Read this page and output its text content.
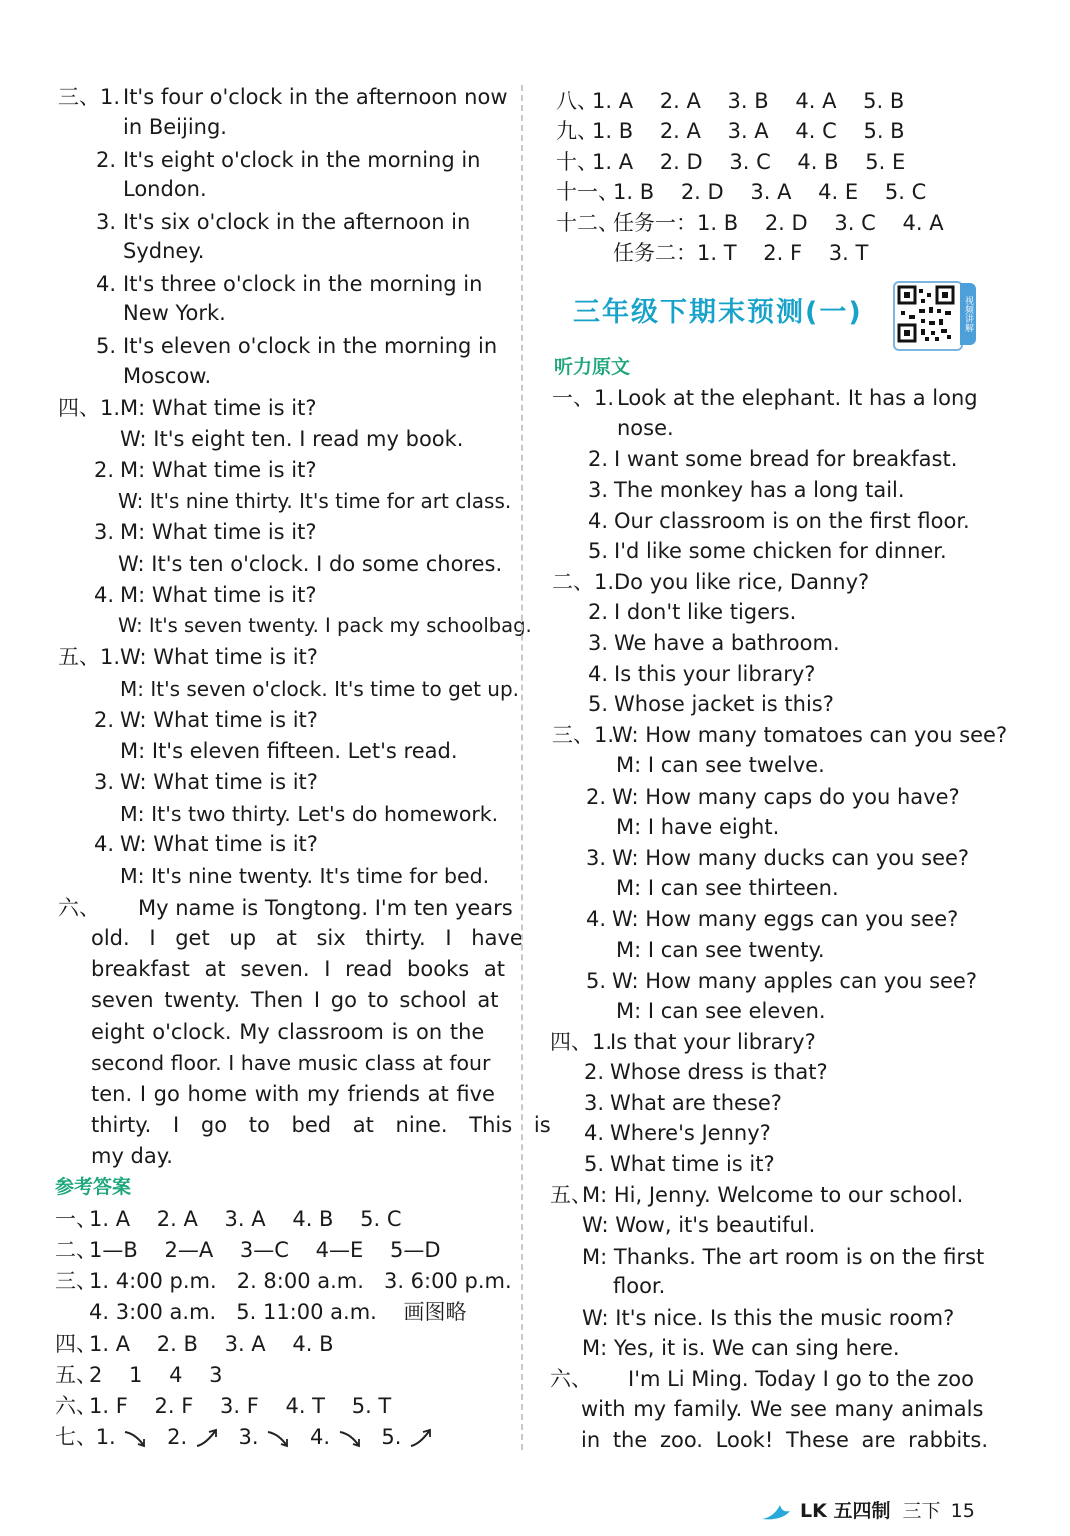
三、1. It's four o'clock in the afternoon now
in Beijing.
2. It's eight o'clock in the morning in
London.
3. It's six o'clock in the afternoon in
Sydney.
4. It's three o'clock in the morning in
New York.
5. It's eleven o'clock in the morning in
Moscow.
四、1.M: What time is it?
W: It's eight ten. I read my book.
2. M: What time is it?
W: It's nine thirty. It's time for art class.
3. M: What time is it?
W: It's ten o'clock. I do some chores.
4. M: What time is it?
W: It's seven twenty. I pack my schoolbag.
五、1.W: What time is it?
M: It's seven o'clock. It's time to get up.
2. W: What time is it?
M: It's eleven fifteen. Let's read.
3. W: What time is it?
M: It's two thirty. Let's do homework.
4. W: What time is it?
M: It's nine twenty. It's time for bed.
六、 My name is Tongtong. I'm ten years
old. I get up at six thirty. I have
breakfast at seven. I read books at
seven twenty. Then I go to school at
eight o'clock. My classroom is on the
second floor. I have music class at four
ten. I go home with my friends at five
thirty. I go to bed at nine. This is
my day.
参考答案
一、1. A    2. A    3. A    4. B    5. C
二、1—B    2—A    3—C    4—E    5—D
三、1. 4:00 p.m.   2. 8:00 a.m.   3. 6:00 p.m.
4. 3:00 a.m.   5. 11:00 a.m.    画图略
四、1. A    2. B    3. A    4. B
五、2    1    4    3
六、1. F    2. F    3. F    4. T    5. T
七、 1. 2. 3. 4. 5.
八、1. A    2. A    3. B    4. A    5. B
九、1. B    2. A    3. A    4. C    5. B
十、1. A    2. D    3. C    4. B    5. E
十一、1. B    2. D    3. A    4. E    5. C
十二、任务一：1. B    2. D    3. C    4. A
任务二：1. T    2. F    3. T
三年级下期末预测(一)	视频讲解
听力原文
一、1. Look at the elephant. It has a long
nose.
2. I want some bread for breakfast.
3. The monkey has a long tail.
4. Our classroom is on the first floor.
5. I'd like some chicken for dinner.
二、1.Do you like rice, Danny?
2. I don't like tigers.
3. We have a bathroom.
4. Is this your library?
5. Whose jacket is this?
三、1.W: How many tomatoes can you see?
M: I can see twelve.
2. W: How many caps do you have?
M: I have eight.
3. W: How many ducks can you see?
M: I can see thirteen.
4. W: How many eggs can you see?
M: I can see twenty.
5. W: How many apples can you see?
M: I can see eleven.
四、1.Is that your library?
2. Whose dress is that?
3. What are these?
4. Where's Jenny?
5. What time is it?
五、M: Hi, Jenny. Welcome to our school.
W: Wow, it's beautiful.
M: Thanks. The art room is on the first
floor.
W: It's nice. Is this the music room?
M: Yes, it is. We can sing here.
六、 I'm Li Ming. Today I go to the zoo
with my family. We see many animals
in the zoo. Look! These are rabbits.
LK 五四制 三下 15
